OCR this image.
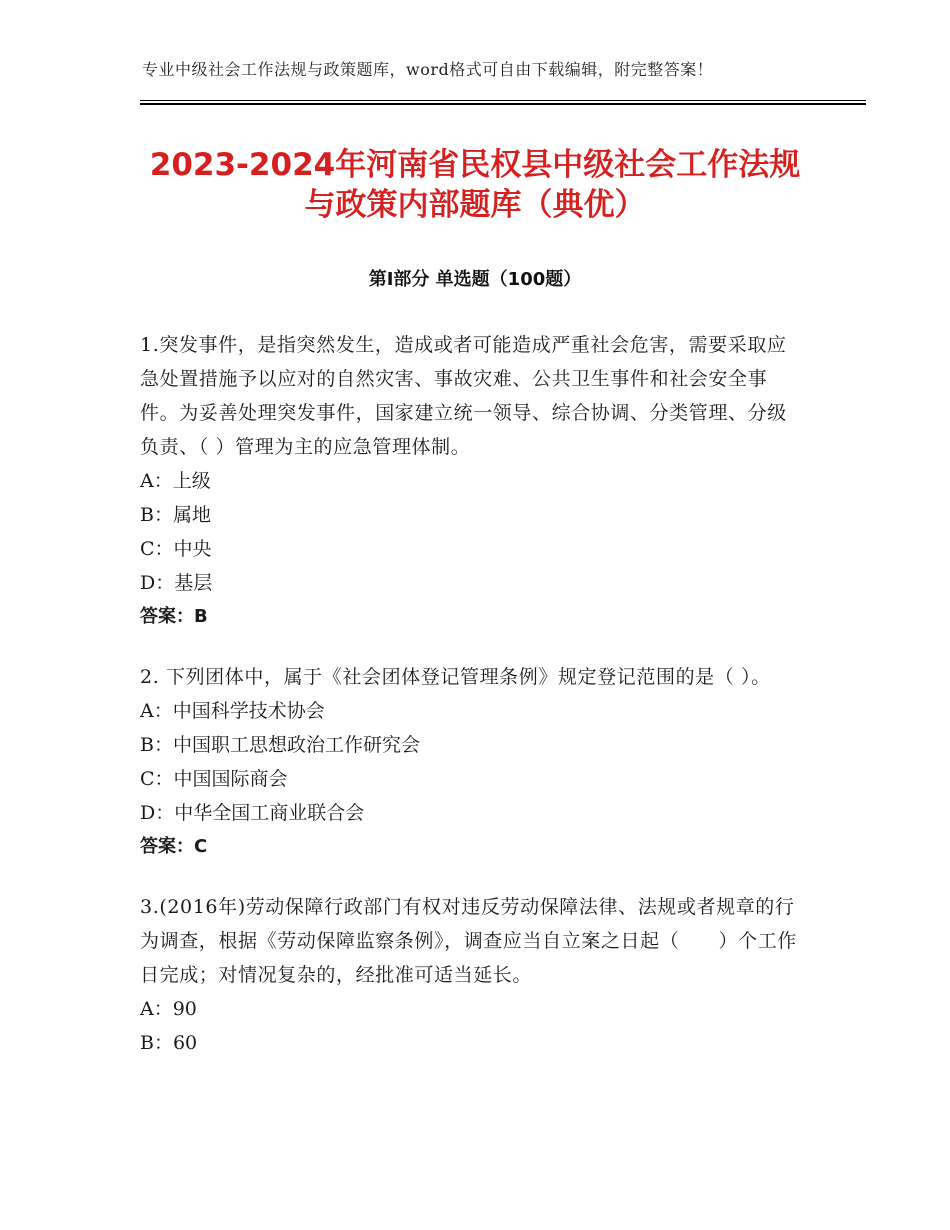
专业中级社会工作法规与政策题库，word格式可自由下载编辑，附完整答案！
2023-2024年河南省民权县中级社会工作法规与政策内部题库（典优）
第Ⅰ部分 单选题（100题）

1.突发事件，是指突然发生，造成或者可能造成严重社会危害，需要采取应急处置措施予以应对的自然灾害、事故灾难、公共卫生事件和社会安全事件。为妥善处理突发事件，国家建立统一领导、综合协调、分类管理、分级负责、（ ）管理为主的应急管理体制。

A：上级

B：属地

C：中央

D：基层

答案：B

2. 下列团体中，属于《社会团体登记管理条例》规定登记范围的是（ ）。

A：中国科学技术协会

B：中国职工思想政治工作研究会

C：中国国际商会

D：中华全国工商业联合会

答案：C

3.(2016年)劳动保障行政部门有权对违反劳动保障法律、法规或者规章的行为调查，根据《劳动保障监察条例》，调查应当自立案之日起（　　）个工作日完成；对情况复杂的，经批准可适当延长。

A：90

B：60
